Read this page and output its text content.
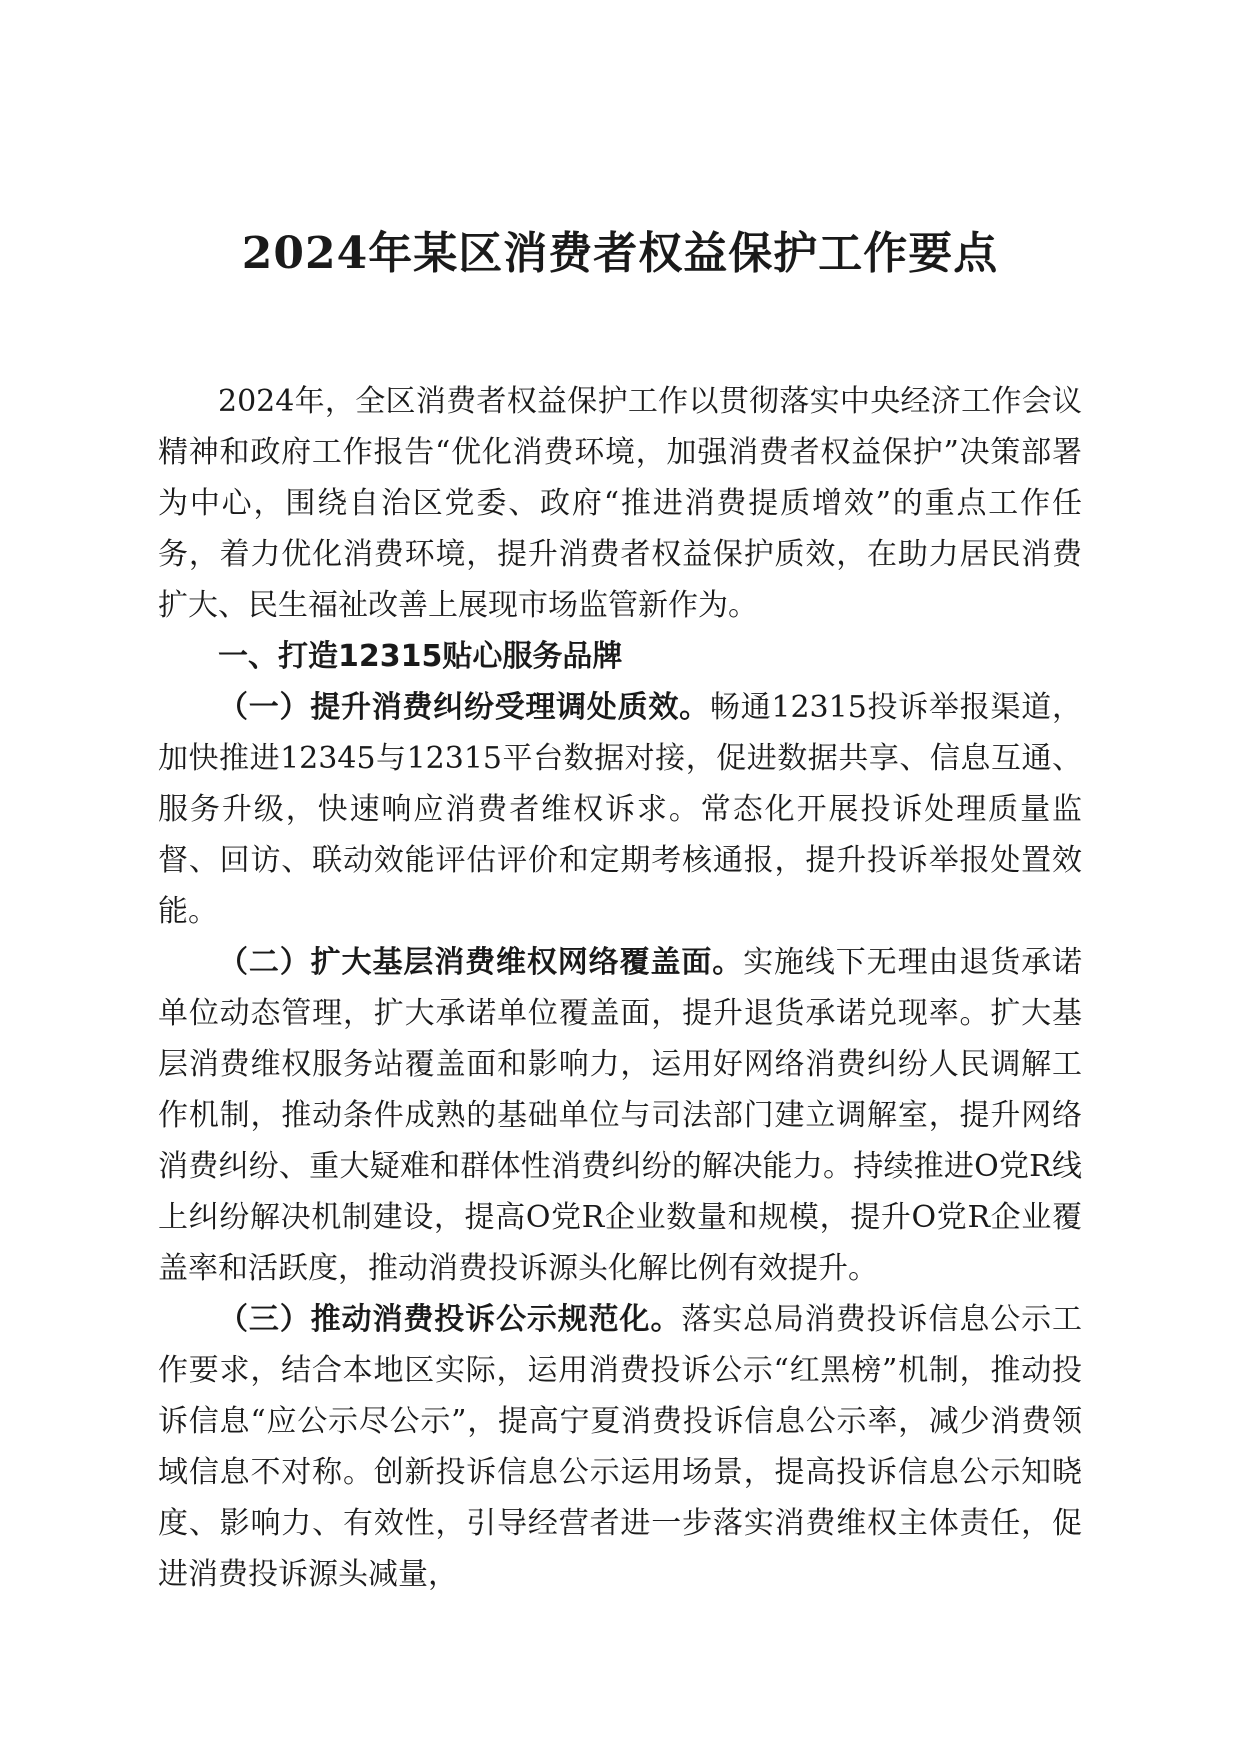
2024年某区消费者权益保护工作要点

2024年，全区消费者权益保护工作以贯彻落实中央经济工作会议精神和政府工作报告“优化消费环境，加强消费者权益保护”决策部署为中心，围绕自治区党委、政府“推进消费提质增效”的重点工作任务，着力优化消费环境，提升消费者权益保护质效，在助力居民消费扩大、民生福祉改善上展现市场监管新作为。

一、打造12315贴心服务品牌

（一）提升消费纠纷受理调处质效。畅通12315投诉举报渠道，加快推进12345与12315平台数据对接，促进数据共享、信息互通、服务升级，快速响应消费者维权诉求。常态化开展投诉处理质量监督、回访、联动效能评估评价和定期考核通报，提升投诉举报处置效能。

（二）扩大基层消费维权网络覆盖面。实施线下无理由退货承诺单位动态管理，扩大承诺单位覆盖面，提升退货承诺兑现率。扩大基层消费维权服务站覆盖面和影响力，运用好网络消费纠纷人民调解工作机制，推动条件成熟的基础单位与司法部门建立调解室，提升网络消费纠纷、重大疑难和群体性消费纠纷的解决能力。持续推进O党R线上纠纷解决机制建设，提高O党R企业数量和规模，提升O党R企业覆盖率和活跃度，推动消费投诉源头化解比例有效提升。

（三）推动消费投诉公示规范化。落实总局消费投诉信息公示工作要求，结合本地区实际，运用消费投诉公示“红黑榜”机制，推动投诉信息“应公示尽公示”，提高宁夏消费投诉信息公示率，减少消费领域信息不对称。创新投诉信息公示运用场景，提高投诉信息公示知晓度、影响力、有效性，引导经营者进一步落实消费维权主体责任，促进消费投诉源头减量，
